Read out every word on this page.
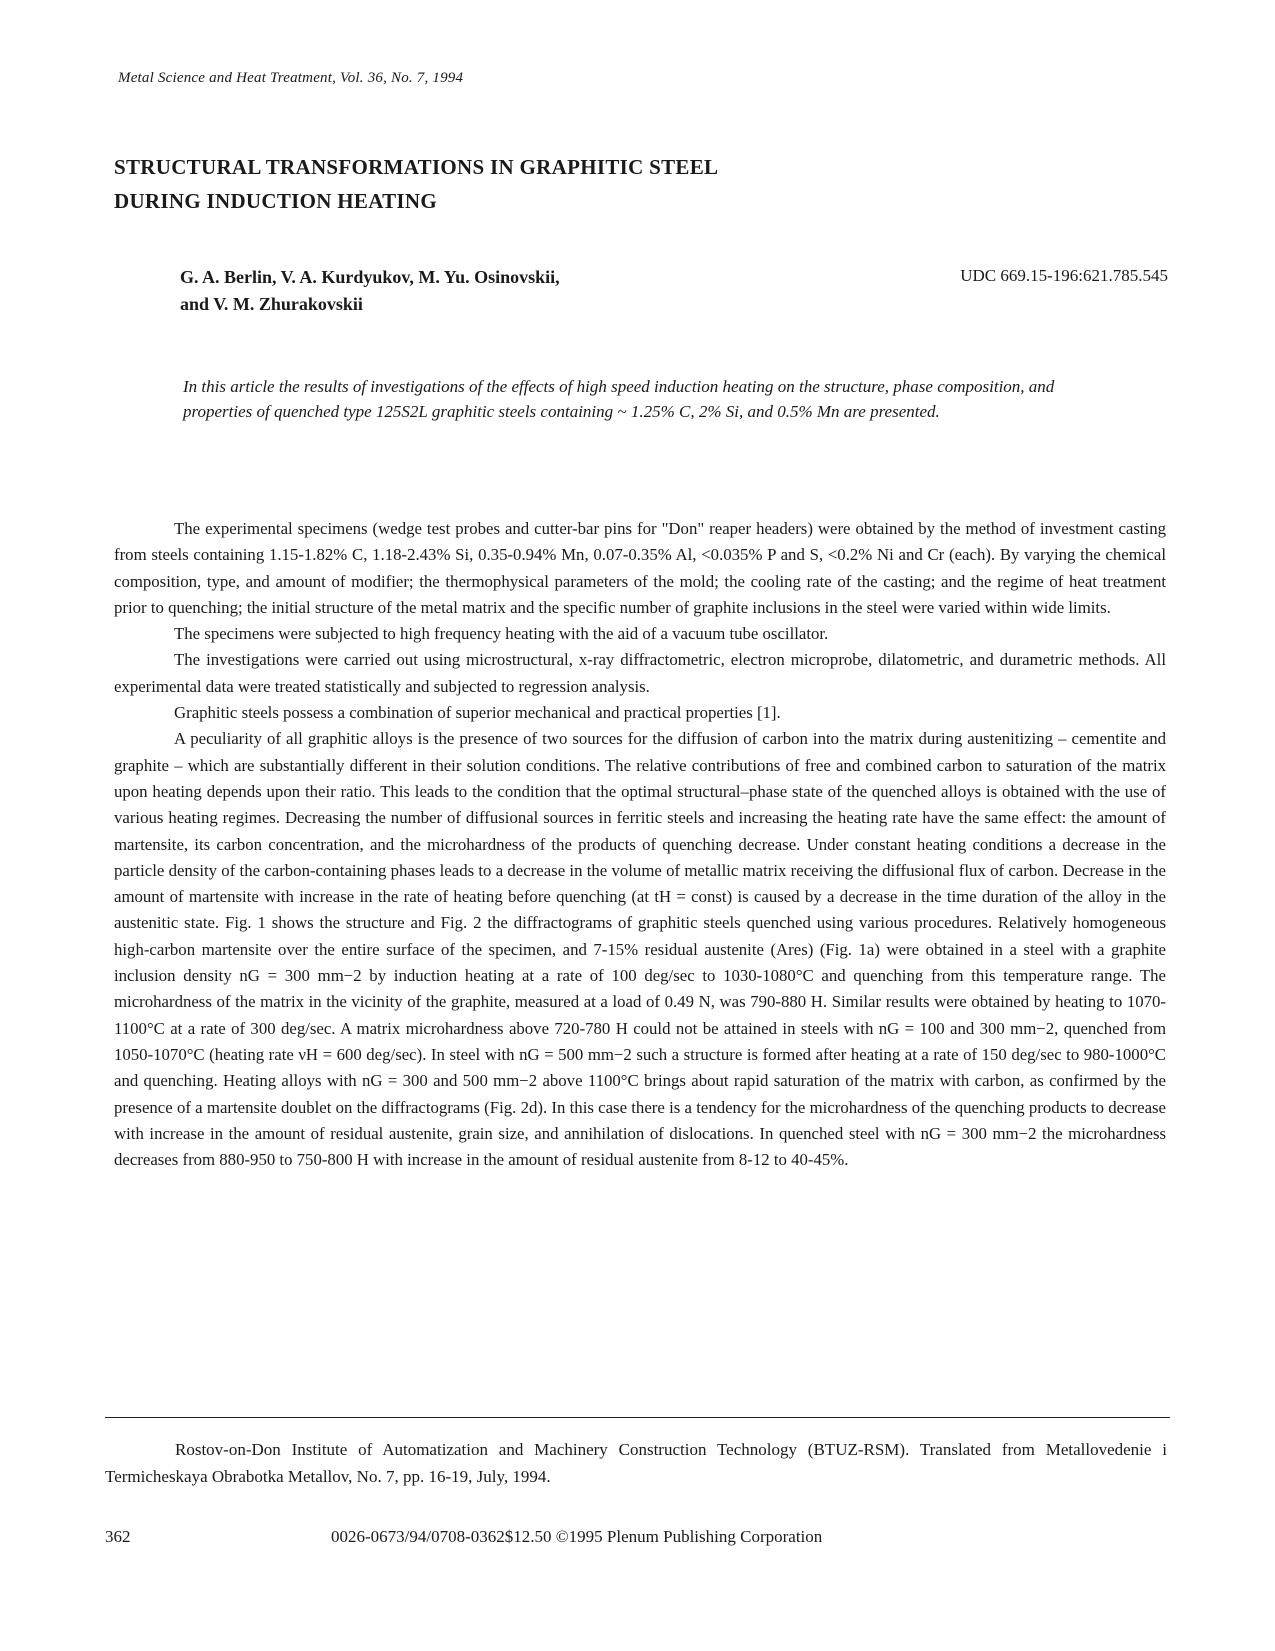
Metal Science and Heat Treatment, Vol. 36, No. 7, 1994
STRUCTURAL TRANSFORMATIONS IN GRAPHITIC STEEL
DURING INDUCTION HEATING
G. A. Berlin, V. A. Kurdyukov, M. Yu. Osinovskii,
and V. M. Zhurakovskii
UDC 669.15-196:621.785.545
In this article the results of investigations of the effects of high speed induction heating on the structure, phase composition, and properties of quenched type 125S2L graphitic steels containing ~ 1.25% C, 2% Si, and 0.5% Mn are presented.

The experimental specimens (wedge test probes and cutter-bar pins for "Don" reaper headers) were obtained by the method of investment casting from steels containing 1.15-1.82% C, 1.18-2.43% Si, 0.35-0.94% Mn, 0.07-0.35% Al, <0.035% P and S, <0.2% Ni and Cr (each). By varying the chemical composition, type, and amount of modifier; the thermophysical parameters of the mold; the cooling rate of the casting; and the regime of heat treatment prior to quenching; the initial structure of the metal matrix and the specific number of graphite inclusions in the steel were varied within wide limits.

The specimens were subjected to high frequency heating with the aid of a vacuum tube oscillator.

The investigations were carried out using microstructural, x-ray diffractometric, electron microprobe, dilatometric, and durametric methods. All experimental data were treated statistically and subjected to regression analysis.

Graphitic steels possess a combination of superior mechanical and practical properties [1].

A peculiarity of all graphitic alloys is the presence of two sources for the diffusion of carbon into the matrix during austenitizing – cementite and graphite – which are substantially different in their solution conditions. The relative contributions of free and combined carbon to saturation of the matrix upon heating depends upon their ratio. This leads to the condition that the optimal structural–phase state of the quenched alloys is obtained with the use of various heating regimes. Decreasing the number of diffusional sources in ferritic steels and increasing the heating rate have the same effect: the amount of martensite, its carbon concentration, and the microhardness of the products of quenching decrease. Under constant heating conditions a decrease in the particle density of the carbon-containing phases leads to a decrease in the volume of metallic matrix receiving the diffusional flux of carbon. Decrease in the amount of martensite with increase in the rate of heating before quenching (at tH = const) is caused by a decrease in the time duration of the alloy in the austenitic state. Fig. 1 shows the structure and Fig. 2 the diffractograms of graphitic steels quenched using various procedures. Relatively homogeneous high-carbon martensite over the entire surface of the specimen, and 7-15% residual austenite (Ares) (Fig. 1a) were obtained in a steel with a graphite inclusion density nG = 300 mm−2 by induction heating at a rate of 100 deg/sec to 1030-1080°C and quenching from this temperature range. The microhardness of the matrix in the vicinity of the graphite, measured at a load of 0.49 N, was 790-880 H. Similar results were obtained by heating to 1070-1100°C at a rate of 300 deg/sec. A matrix microhardness above 720-780 H could not be attained in steels with nG = 100 and 300 mm−2, quenched from 1050-1070°C (heating rate νH = 600 deg/sec). In steel with nG = 500 mm−2 such a structure is formed after heating at a rate of 150 deg/sec to 980-1000°C and quenching. Heating alloys with nG = 300 and 500 mm−2 above 1100°C brings about rapid saturation of the matrix with carbon, as confirmed by the presence of a martensite doublet on the diffractograms (Fig. 2d). In this case there is a tendency for the microhardness of the quenching products to decrease with increase in the amount of residual austenite, grain size, and annihilation of dislocations. In quenched steel with nG = 300 mm−2 the microhardness decreases from 880-950 to 750-800 H with increase in the amount of residual austenite from 8-12 to 40-45%.

Rostov-on-Don Institute of Automatization and Machinery Construction Technology (BTUZ-RSM). Translated from Metallovedenie i Termicheskaya Obrabotka Metallov, No. 7, pp. 16-19, July, 1994.

362	0026-0673/94/0708-0362$12.50 ©1995 Plenum Publishing Corporation
